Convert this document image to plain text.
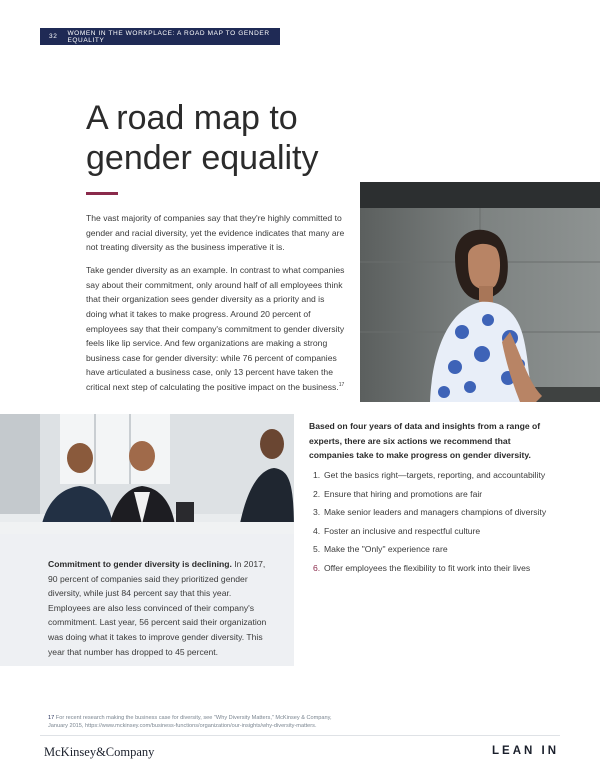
32 WOMEN IN THE WORKPLACE: A ROAD MAP TO GENDER EQUALITY
A road map to
gender equality

The vast majority of companies say that they're highly committed to gender and racial diversity, yet the evidence indicates that many are not treating diversity as the business imperative it is.

Take gender diversity as an example. In contrast to what companies say about their commitment, only around half of all employees think that their organization sees gender diversity as a priority and is doing what it takes to make progress. Around 20 percent of employees say that their company's commitment to gender diversity feels like lip service. And few organizations are making a strong business case for gender diversity: while 76 percent of companies have articulated a business case, only 13 percent have taken the critical next step of calculating the positive impact on the business.$^{17}$

Commitment to gender diversity is declining. In 2017, 90 percent of companies said they prioritized gender diversity, while just 84 percent say that this year. Employees are also less convinced of their company's commitment. Last year, 56 percent said their organization was doing what it takes to improve gender diversity. This year that number has dropped to 45 percent.
Based on four years of data and insights from a range of experts, there are six actions we recommend that companies take to make progress on gender diversity.
1. Get the basics right—targets, reporting, and accountability
2. Ensure that hiring and promotions are fair
3. Make senior leaders and managers champions of diversity
4. Foster an inclusive and respectful culture
5. Make the "Only" experience rare
6. Offer employees the flexibility to fit work into their lives
17 For recent research making the business case for diversity, see "Why Diversity Matters," McKinsey & Company,
January 2015, https://www.mckinsey.com/business-functions/organization/our-insights/why-diversity-matters.
McKinsey&Company	LEAN IN
